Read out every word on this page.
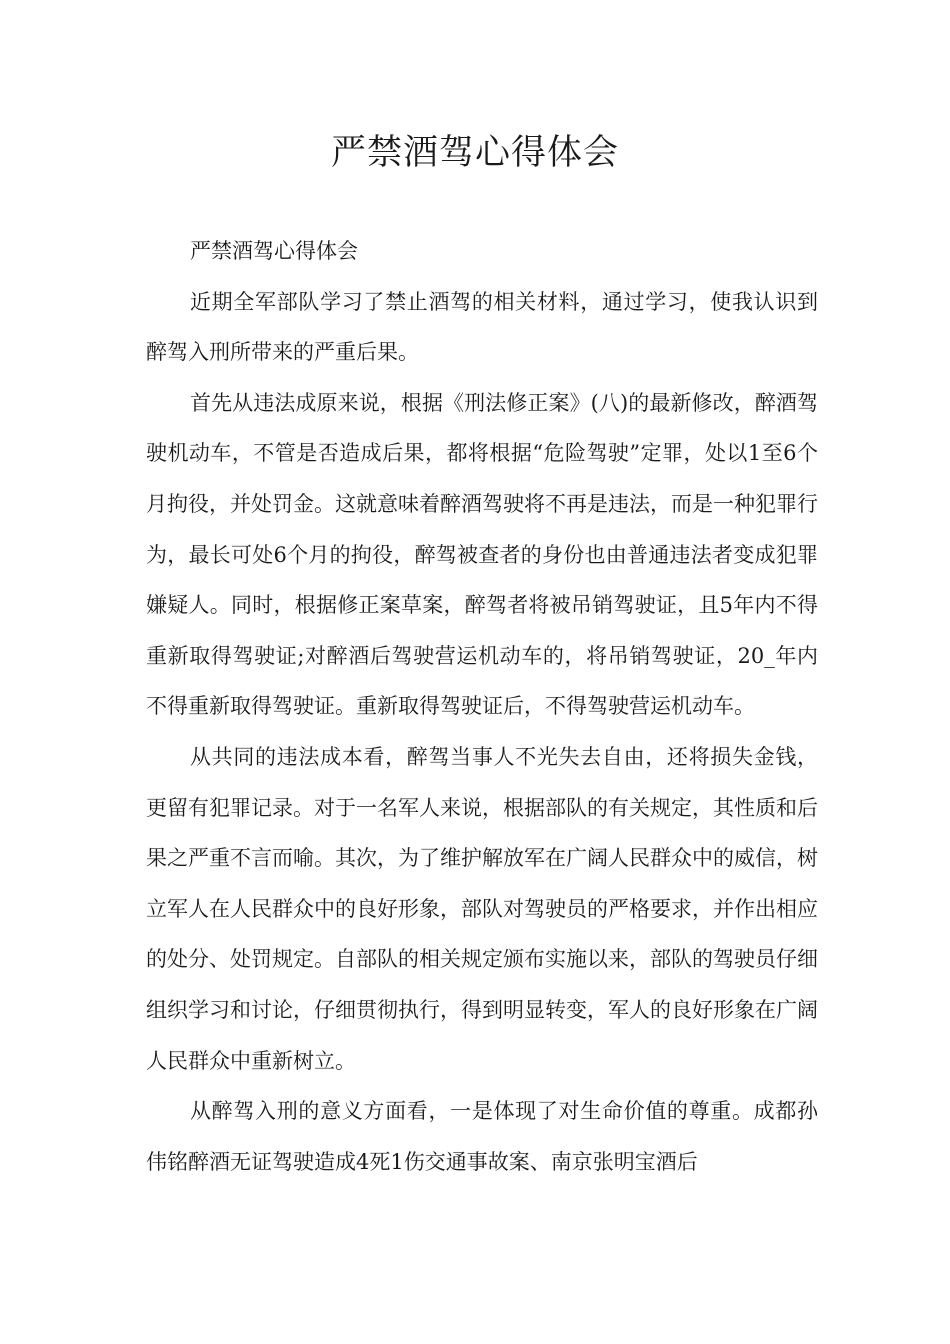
严禁酒驾心得体会

严禁酒驾心得体会

近期全军部队学习了禁止酒驾的相关材料，通过学习，使我认识到醉驾入刑所带来的严重后果。

首先从违法成原来说，根据《刑法修正案》(八)的最新修改，醉酒驾驶机动车，不管是否造成后果，都将根据“危险驾驶”定罪，处以1至6个月拘役，并处罚金。这就意味着醉酒驾驶将不再是违法，而是一种犯罪行为，最长可处6个月的拘役，醉驾被查者的身份也由普通违法者变成犯罪嫌疑人。同时，根据修正案草案，醉驾者将被吊销驾驶证，且5年内不得重新取得驾驶证;对醉酒后驾驶营运机动车的，将吊销驾驶证，20_年内不得重新取得驾驶证。重新取得驾驶证后，不得驾驶营运机动车。

从共同的违法成本看，醉驾当事人不光失去自由，还将损失金钱，更留有犯罪记录。对于一名军人来说，根据部队的有关规定，其性质和后果之严重不言而喻。其次，为了维护解放军在广阔人民群众中的威信，树立军人在人民群众中的良好形象，部队对驾驶员的严格要求，并作出相应的处分、处罚规定。自部队的相关规定颁布实施以来，部队的驾驶员仔细组织学习和讨论，仔细贯彻执行，得到明显转变，军人的良好形象在广阔人民群众中重新树立。

从醉驾入刑的意义方面看，一是体现了对生命价值的尊重。成都孙伟铭醉酒无证驾驶造成4死1伤交通事故案、南京张明宝酒后
